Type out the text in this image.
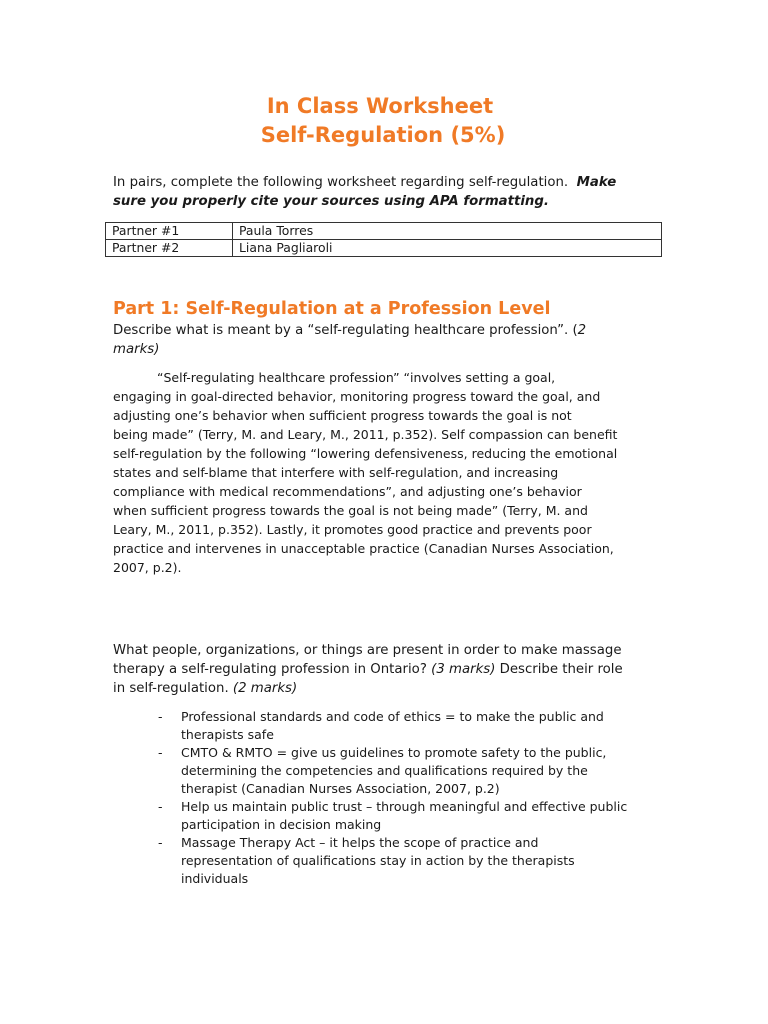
In Class Worksheet
Self-Regulation (5%)
In pairs, complete the following worksheet regarding self-regulation. Make
sure you properly cite your sources using APA formatting.
Partner #1	Paula Torres
Partner #2	Liana Pagliaroli
Part 1: Self-Regulation at a Profession Level
Describe what is meant by a “self-regulating healthcare profession”. (2
marks)
“Self-regulating healthcare profession” “involves setting a goal,
engaging in goal-directed behavior, monitoring progress toward the goal, and
adjusting one’s behavior when sufficient progress towards the goal is not
being made” (Terry, M. and Leary, M., 2011, p.352). Self compassion can benefit
self-regulation by the following “lowering defensiveness, reducing the emotional
states and self-blame that interfere with self-regulation, and increasing
compliance with medical recommendations”, and adjusting one’s behavior
when sufficient progress towards the goal is not being made” (Terry, M. and
Leary, M., 2011, p.352). Lastly, it promotes good practice and prevents poor
practice and intervenes in unacceptable practice (Canadian Nurses Association,
2007, p.2).
What people, organizations, or things are present in order to make massage
therapy a self-regulating profession in Ontario? (3 marks) Describe their role
in self-regulation. (2 marks)
- Professional standards and code of ethics = to make the public and
therapists safe
- CMTO & RMTO = give us guidelines to promote safety to the public,
determining the competencies and qualifications required by the
therapist (Canadian Nurses Association, 2007, p.2)
- Help us maintain public trust – through meaningful and effective public
participation in decision making
- Massage Therapy Act – it helps the scope of practice and
representation of qualifications stay in action by the therapists
individuals
